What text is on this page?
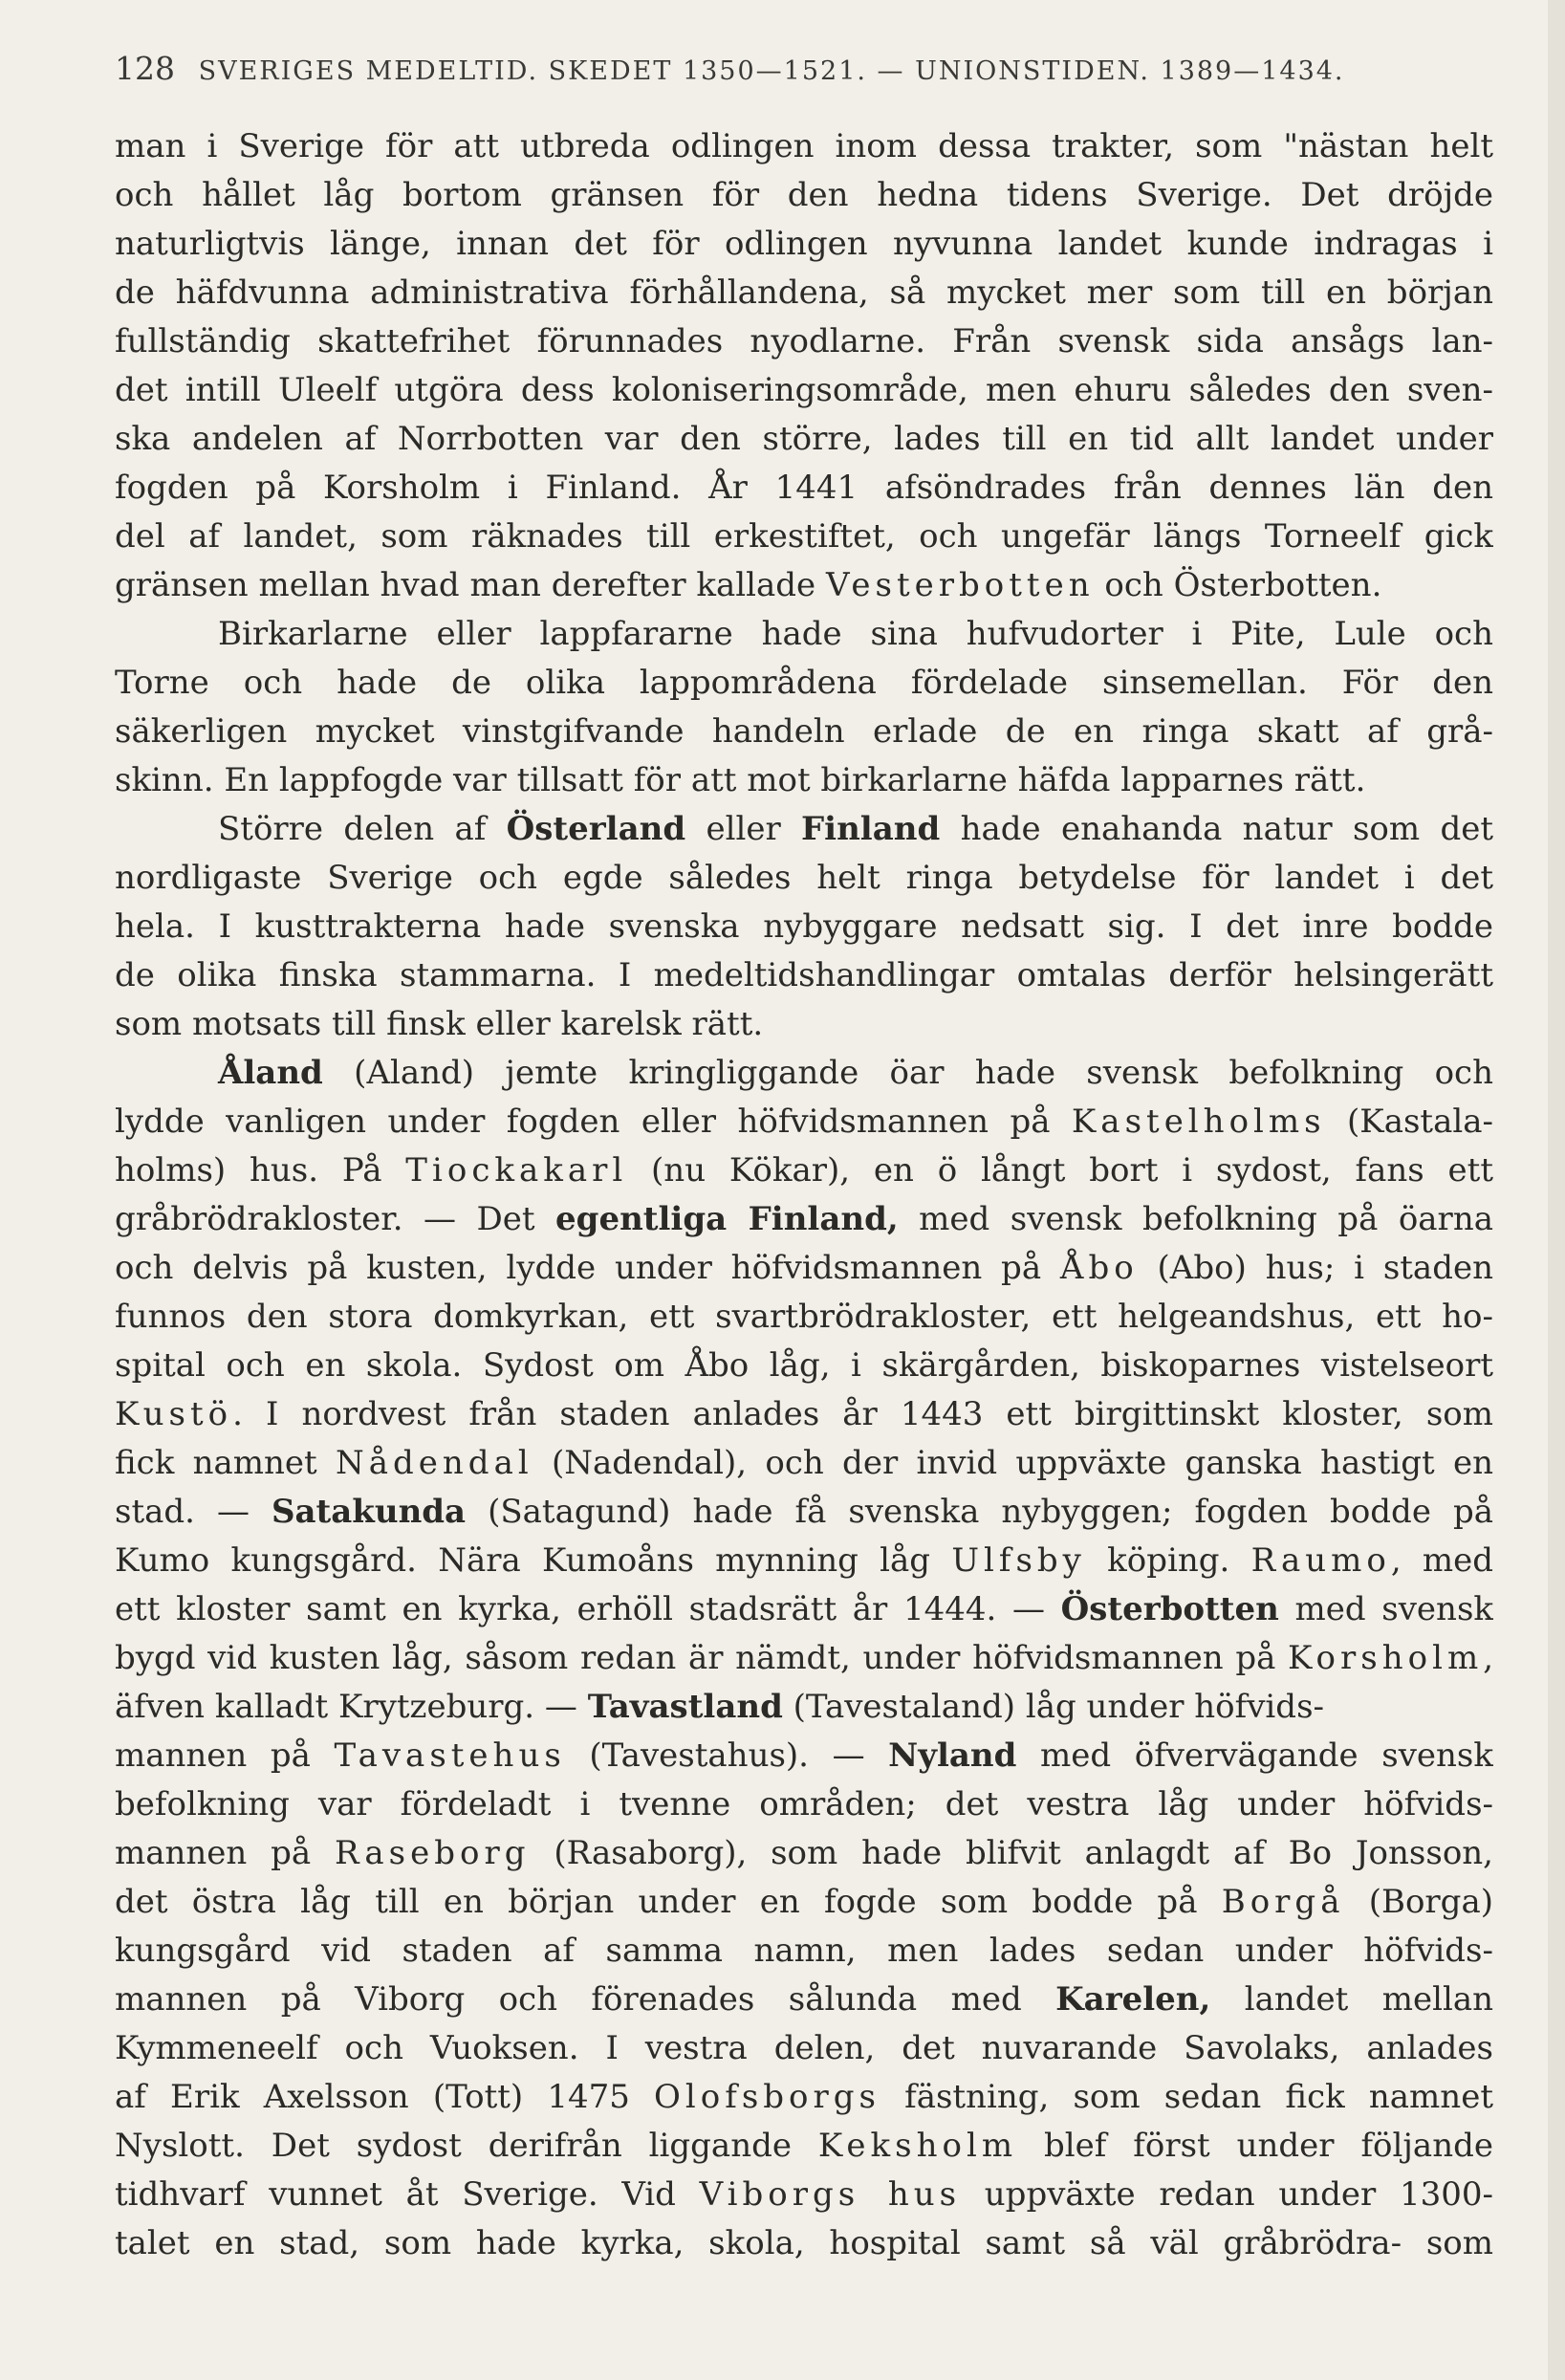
128 SVERIGES MEDELTID. SKEDET 1350—1521. — UNIONSTIDEN. 1389—1434.
man i Sverige för att utbreda odlingen inom dessa trakter, som "nästan helt
och hållet låg bortom gränsen för den hedna tidens Sverige. Det dröjde
naturligtvis länge, innan det för odlingen nyvunna landet kunde indragas i
de häfdvunna administrativa förhållandena, så mycket mer som till en början
fullständig skattefrihet förunnades nyodlarne. Från svensk sida ansågs lan-
det intill Uleelf utgöra dess koloniseringsområde, men ehuru således den sven-
ska andelen af Norrbotten var den större, lades till en tid allt landet under
fogden på Korsholm i Finland. År 1441 afsöndrades från dennes län den
del af landet, som räknades till erkestiftet, och ungefär längs Torneelf gick
gränsen mellan hvad man derefter kallade Vesterbotten och Österbotten.
Birkarlarne eller lappfararne hade sina hufvudorter i Pite, Lule och
Torne och hade de olika lappområdena fördelade sinsemellan. För den
säkerligen mycket vinstgifvande handeln erlade de en ringa skatt af grå-
skinn. En lappfogde var tillsatt för att mot birkarlarne häfda lapparnes rätt.
Större delen af Österland eller Finland hade enahanda natur som det
nordligaste Sverige och egde således helt ringa betydelse för landet i det
hela. I kusttrakterna hade svenska nybyggare nedsatt sig. I det inre bodde
de olika finska stammarna. I medeltidshandlingar omtalas derför helsingerätt
som motsats till finsk eller karelsk rätt.
Åland (Aland) jemte kringliggande öar hade svensk befolkning och
lydde vanligen under fogden eller höfvidsmannen på Kastelholms (Kastala-
holms) hus. På Tiockakarl (nu Kökar), en ö långt bort i sydost, fans ett
gråbrödrakloster. — Det egentliga Finland, med svensk befolkning på öarna
och delvis på kusten, lydde under höfvidsmannen på Åbo (Abo) hus; i staden
funnos den stora domkyrkan, ett svartbrödrakloster, ett helgeandshus, ett ho-
spital och en skola. Sydost om Åbo låg, i skärgården, biskoparnes vistelseort
Kustö. I nordvest från staden anlades år 1443 ett birgittinskt kloster, som
fick namnet Nådendal (Nadendal), och der invid uppväxte ganska hastigt en
stad. — Satakunda (Satagund) hade få svenska nybyggen; fogden bodde på
Kumo kungsgård. Nära Kumoåns mynning låg Ulfsby köping. Raumo, med
ett kloster samt en kyrka, erhöll stadsrätt år 1444. — Österbotten med svensk
bygd vid kusten låg, såsom redan är nämdt, under höfvidsmannen på Korsholm,
äfven kalladt Krytzeburg. — Tavastland (Tavestaland) låg under höfvids-
mannen på Tavastehus (Tavestahus). — Nyland med öfvervägande svensk
befolkning var fördeladt i tvenne områden; det vestra låg under höfvids-
mannen på Raseborg (Rasaborg), som hade blifvit anlagdt af Bo Jonsson,
det östra låg till en början under en fogde som bodde på Borgå (Borga)
kungsgård vid staden af samma namn, men lades sedan under höfvids-
mannen på Viborg och förenades sålunda med Karelen, landet mellan
Kymmeneelf och Vuoksen. I vestra delen, det nuvarande Savolaks, anlades
af Erik Axelsson (Tott) 1475 Olofsborgs fästning, som sedan fick namnet
Nyslott. Det sydost derifrån liggande Keksholm blef först under följande
tidhvarf vunnet åt Sverige. Vid Viborgs hus uppväxte redan under 1300-
talet en stad, som hade kyrka, skola, hospital samt så väl gråbrödra- som
